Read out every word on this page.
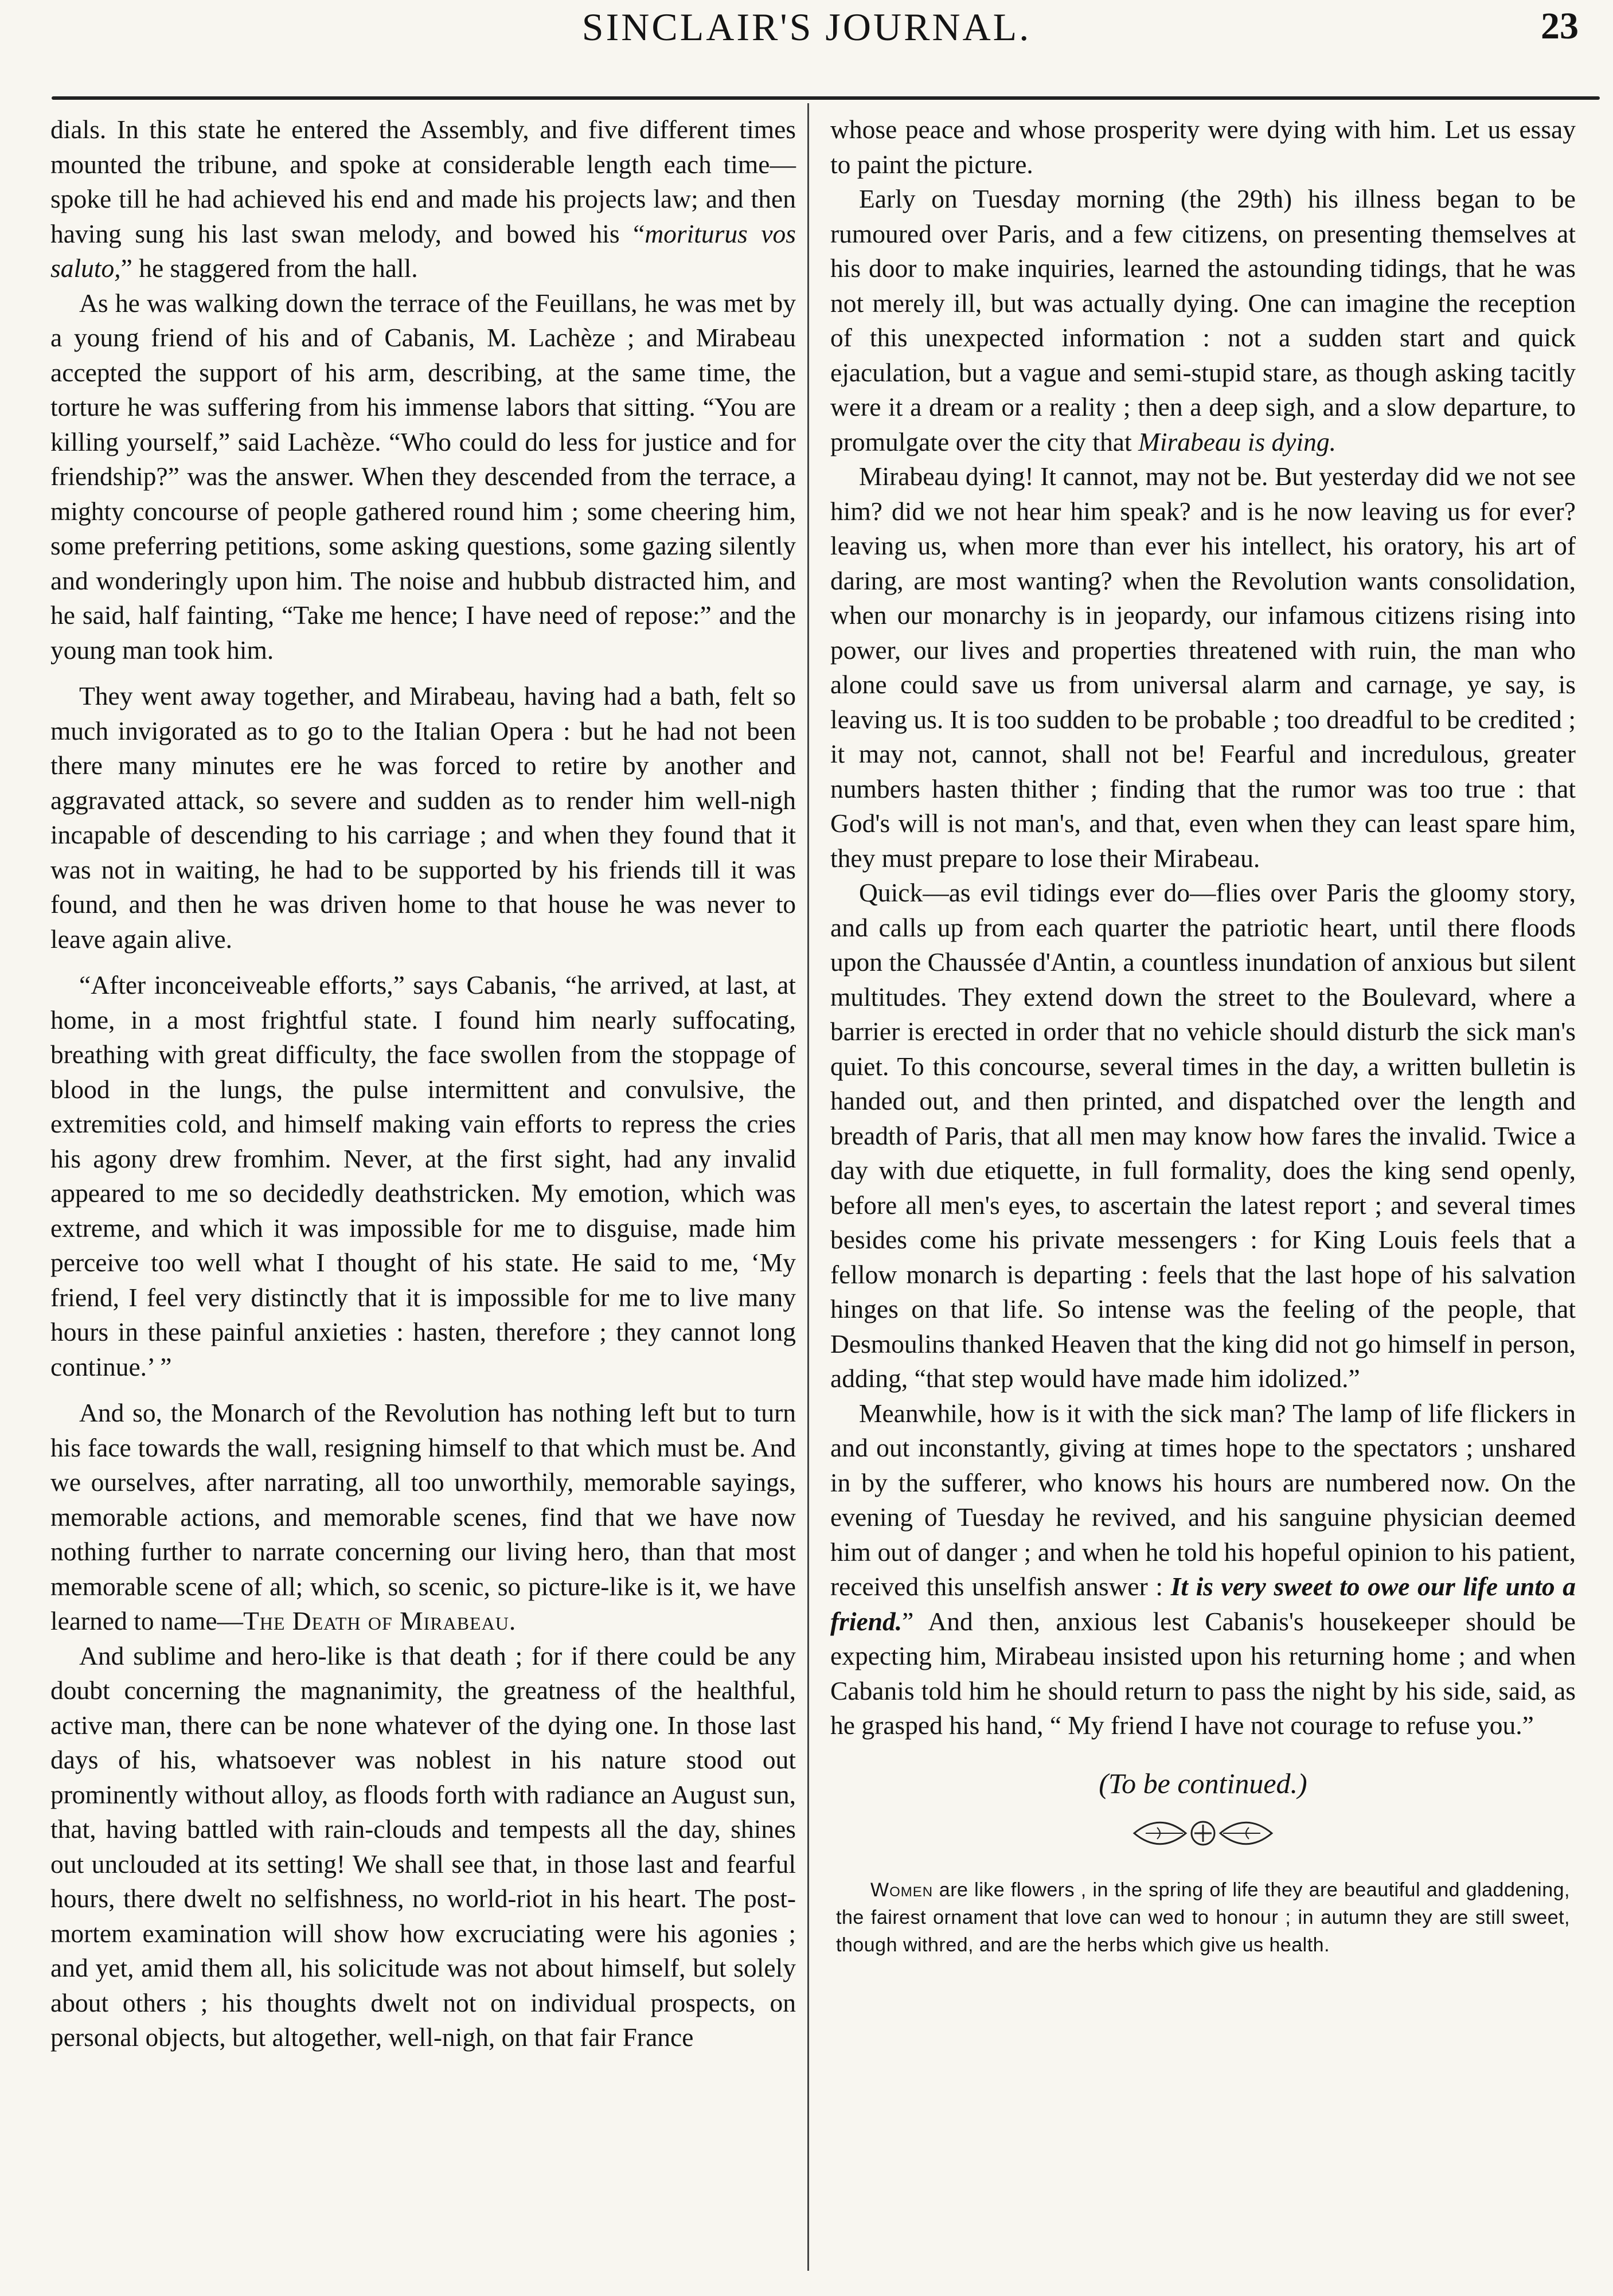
SINCLAIR'S JOURNAL.	23

dials. In this state he entered the Assembly, and five different times mounted the tribune, and spoke at considerable length each time—spoke till he had achieved his end and made his projects law; and then having sung his last swan melody, and bowed his “moriturus vos saluto,” he staggered from the hall.

As he was walking down the terrace of the Feuillans, he was met by a young friend of his and of Cabanis, M. Lachèze ; and Mirabeau accepted the support of his arm, describing, at the same time, the torture he was suffering from his immense labors that sitting. “You are killing yourself,” said Lachèze. “Who could do less for justice and for friendship?” was the answer. When they descended from the terrace, a mighty concourse of people gathered round him ; some cheering him, some preferring petitions, some asking questions, some gazing silently and wonderingly upon him. The noise and hubbub distracted him, and he said, half fainting, “Take me hence; I have need of repose:” and the young man took him.

They went away together, and Mirabeau, having had a bath, felt so much invigorated as to go to the Italian Opera : but he had not been there many minutes ere he was forced to retire by another and aggravated attack, so severe and sudden as to render him well-nigh incapable of descending to his carriage ; and when they found that it was not in waiting, he had to be supported by his friends till it was found, and then he was driven home to that house he was never to leave again alive.

“After inconceiveable efforts,” says Cabanis, “he arrived, at last, at home, in a most frightful state. I found him nearly suffocating, breathing with great difficulty, the face swollen from the stoppage of blood in the lungs, the pulse intermittent and convulsive, the extremities cold, and himself making vain efforts to repress the cries his agony drew fromhim. Never, at the first sight, had any invalid appeared to me so decidedly deathstricken. My emotion, which was extreme, and which it was impossible for me to disguise, made him perceive too well what I thought of his state. He said to me, ‘My friend, I feel very distinctly that it is impossible for me to live many hours in these painful anxieties : hasten, therefore ; they cannot long continue.’ ”

And so, the Monarch of the Revolution has nothing left but to turn his face towards the wall, resigning himself to that which must be. And we ourselves, after narrating, all too unworthily, memorable sayings, memorable actions, and memorable scenes, find that we have now nothing further to narrate concerning our living hero, than that most memorable scene of all; which, so scenic, so picture-like is it, we have learned to name—The Death of Mirabeau.

And sublime and hero-like is that death ; for if there could be any doubt concerning the magnanimity, the greatness of the healthful, active man, there can be none whatever of the dying one. In those last days of his, whatsoever was noblest in his nature stood out prominently without alloy, as floods forth with radiance an August sun, that, having battled with rain-clouds and tempests all the day, shines out unclouded at its setting! We shall see that, in those last and fearful hours, there dwelt no selfishness, no world-riot in his heart. The post-mortem examination will show how excruciating were his agonies ; and yet, amid them all, his solicitude was not about himself, but solely about others ; his thoughts dwelt not on individual prospects, on personal objects, but altogether, well-nigh, on that fair France

whose peace and whose prosperity were dying with him. Let us essay to paint the picture.

Early on Tuesday morning (the 29th) his illness began to be rumoured over Paris, and a few citizens, on presenting themselves at his door to make inquiries, learned the astounding tidings, that he was not merely ill, but was actually dying. One can imagine the reception of this unexpected information : not a sudden start and quick ejaculation, but a vague and semi-stupid stare, as though asking tacitly were it a dream or a reality ; then a deep sigh, and a slow departure, to promulgate over the city that Mirabeau is dying.

Mirabeau dying! It cannot, may not be. But yesterday did we not see him? did we not hear him speak? and is he now leaving us for ever? leaving us, when more than ever his intellect, his oratory, his art of daring, are most wanting? when the Revolution wants consolidation, when our monarchy is in jeopardy, our infamous citizens rising into power, our lives and properties threatened with ruin, the man who alone could save us from universal alarm and carnage, ye say, is leaving us. It is too sudden to be probable ; too dreadful to be credited ; it may not, cannot, shall not be! Fearful and incredulous, greater numbers hasten thither ; finding that the rumor was too true : that God's will is not man's, and that, even when they can least spare him, they must prepare to lose their Mirabeau.

Quick—as evil tidings ever do—flies over Paris the gloomy story, and calls up from each quarter the patriotic heart, until there floods upon the Chaussée d'Antin, a countless inundation of anxious but silent multitudes. They extend down the street to the Boulevard, where a barrier is erected in order that no vehicle should disturb the sick man's quiet. To this concourse, several times in the day, a written bulletin is handed out, and then printed, and dispatched over the length and breadth of Paris, that all men may know how fares the invalid. Twice a day with due etiquette, in full formality, does the king send openly, before all men's eyes, to ascertain the latest report ; and several times besides come his private messengers : for King Louis feels that a fellow monarch is departing : feels that the last hope of his salvation hinges on that life. So intense was the feeling of the people, that Desmoulins thanked Heaven that the king did not go himself in person, adding, “that step would have made him idolized.”

Meanwhile, how is it with the sick man? The lamp of life flickers in and out inconstantly, giving at times hope to the spectators ; unshared in by the sufferer, who knows his hours are numbered now. On the evening of Tuesday he revived, and his sanguine physician deemed him out of danger ; and when he told his hopeful opinion to his patient, received this unselfish answer : It is very sweet to owe our life unto a friend.” And then, anxious lest Cabanis's housekeeper should be expecting him, Mirabeau insisted upon his returning home ; and when Cabanis told him he should return to pass the night by his side, said, as he grasped his hand, “ My friend I have not courage to refuse you.”

(To be continued.)
Women are like flowers , in the spring of life they are beautiful and gladdening, the fairest ornament that love can wed to honour ; in autumn they are still sweet, though withred, and are the herbs which give us health.
